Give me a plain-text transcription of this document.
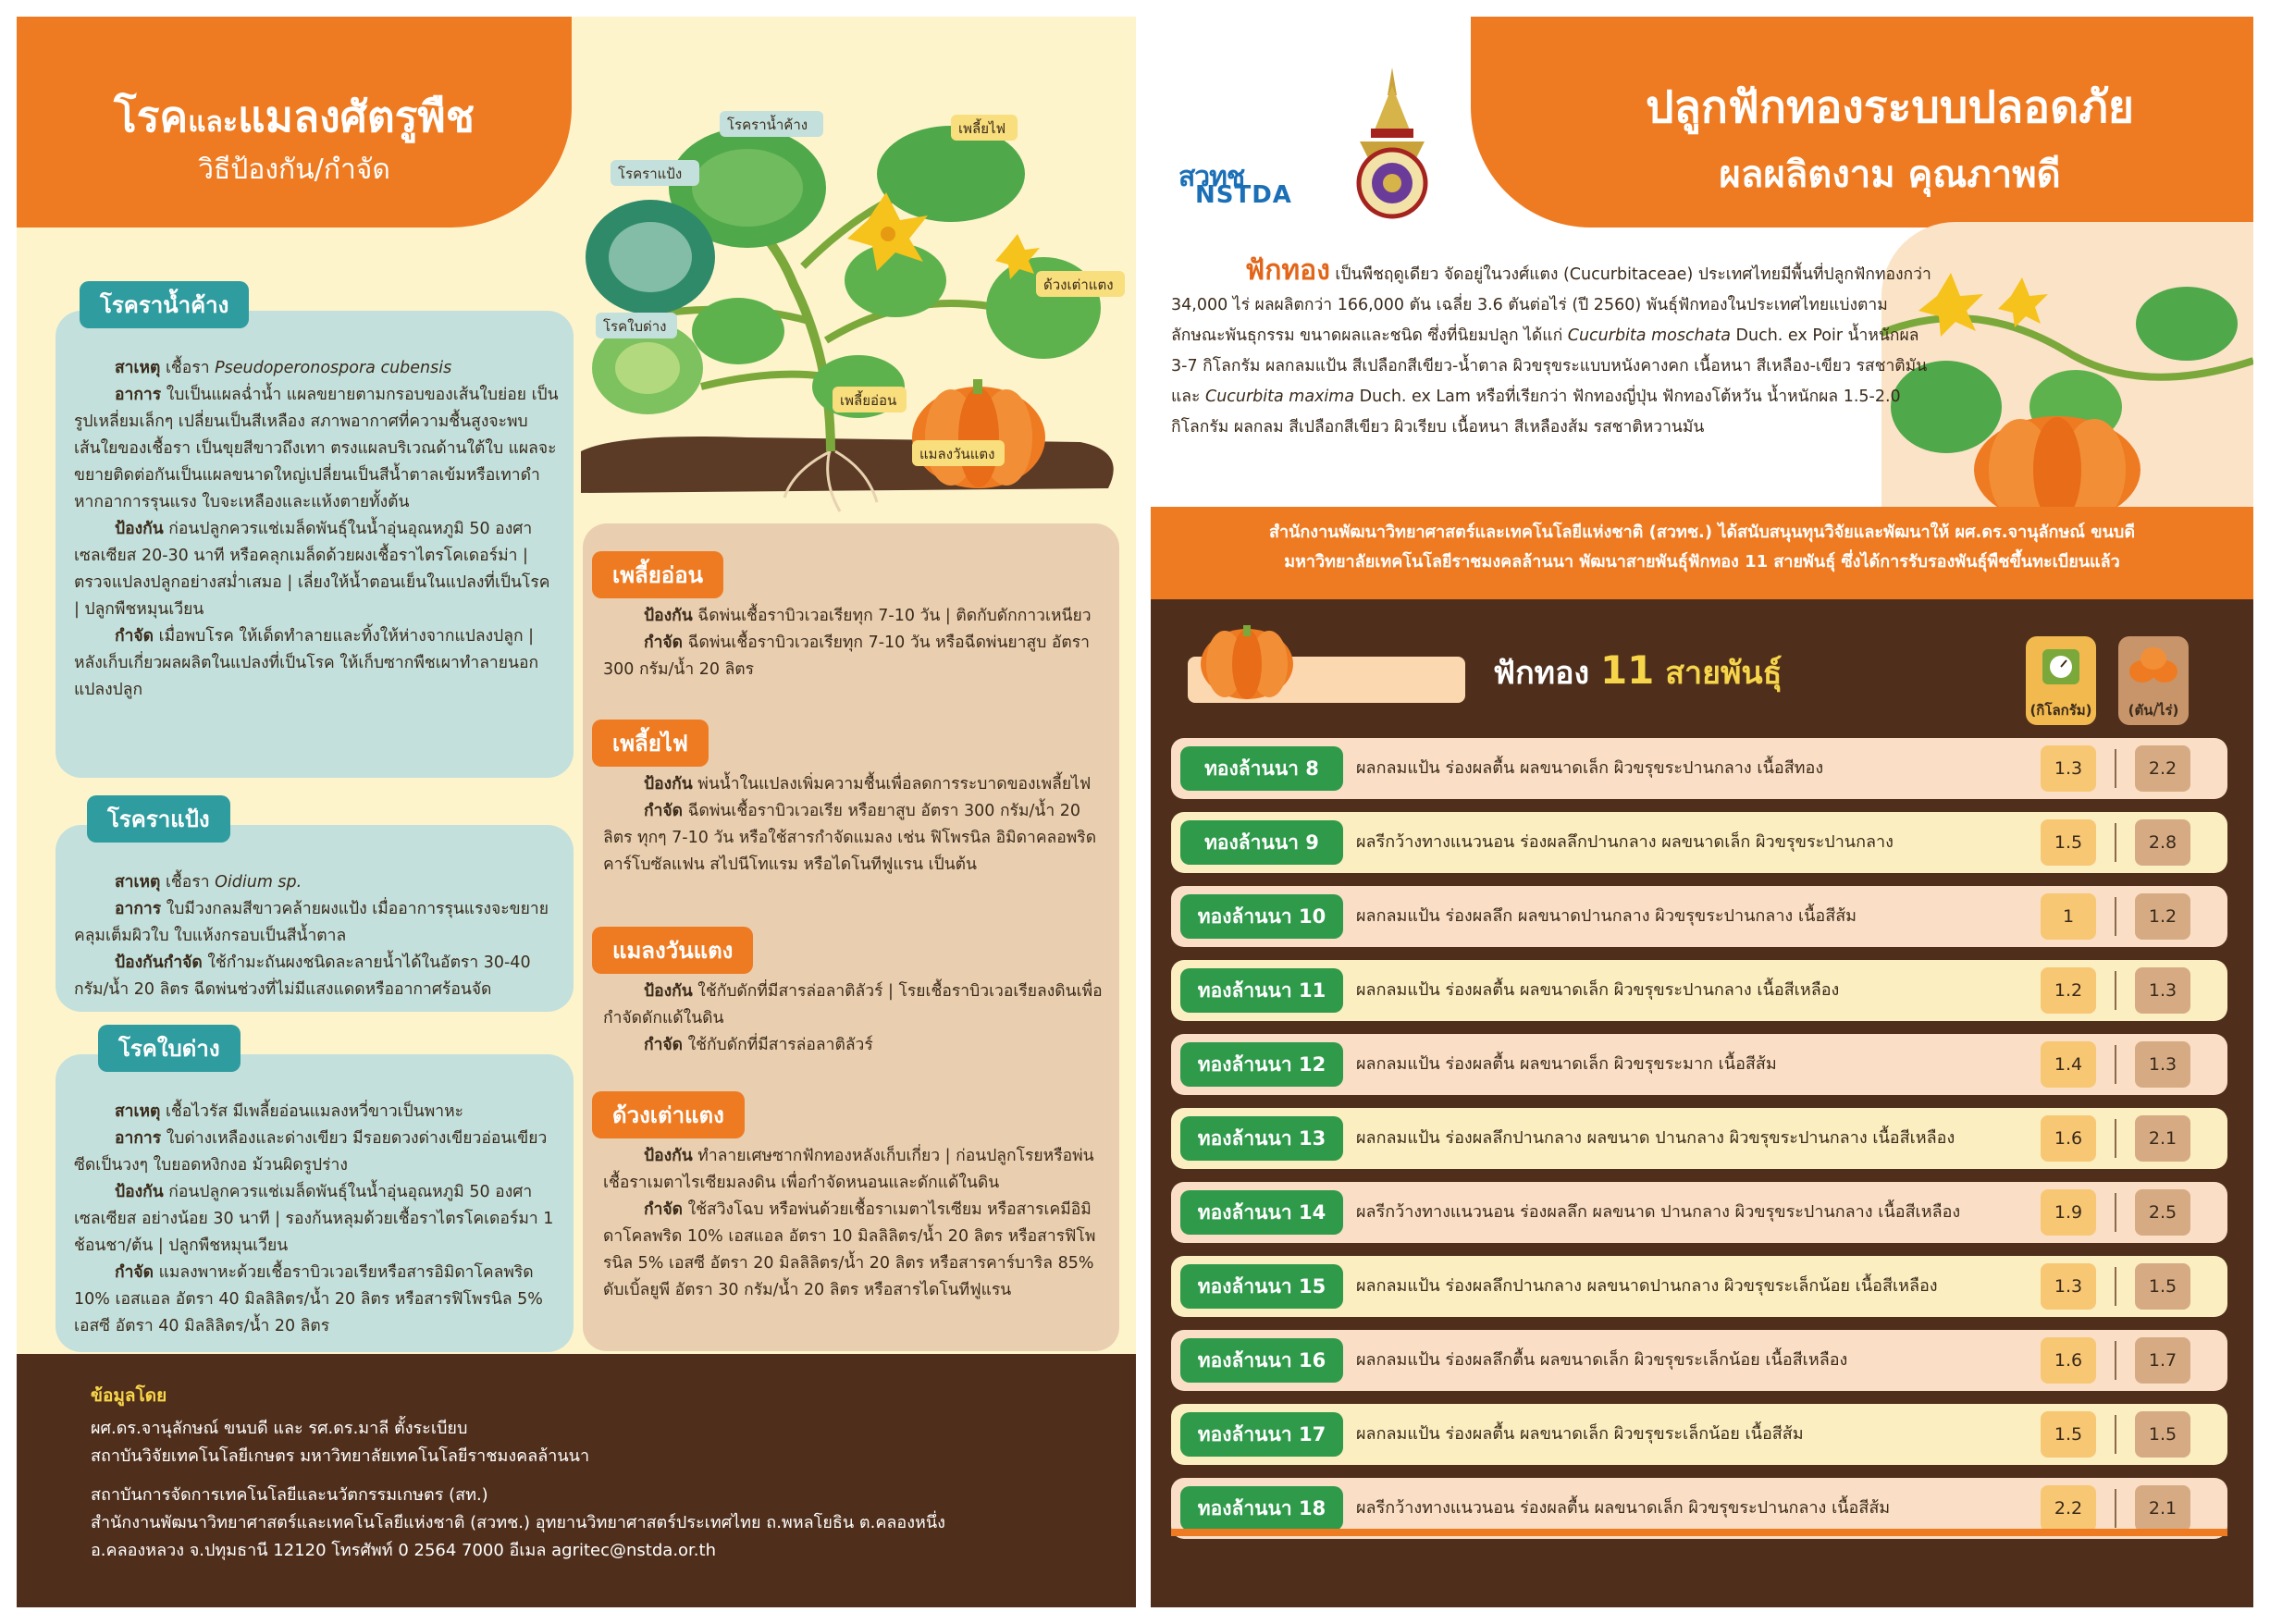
โรคและแมลงศัตรูพืช
วิธีป้องกัน/กำจัด
โรคราน้ำค้าง	เพลี้ยไฟ
โรคราแป้ง
ด้วงเต่าแตง
โรคใบด่าง
เพลี้ยอ่อน
แมลงวันแตง

สาเหตุ เชื้อรา Pseudoperonospora cubensis

อาการ ใบเป็นแผลฉ่ำน้ำ แผลขยายตามกรอบของเส้นใบย่อย เป็นรูปเหลี่ยมเล็กๆ เปลี่ยนเป็นสีเหลือง สภาพอากาศที่ความชื้นสูงจะพบเส้นใยของเชื้อรา เป็นขุยสีขาวถึงเทา ตรงแผลบริเวณด้านใต้ใบ แผลจะขยายติดต่อกันเป็นแผลขนาดใหญ่เปลี่ยนเป็นสีน้ำตาลเข้มหรือเทาดำ หากอาการรุนแรง ใบจะเหลืองและแห้งตายทั้งต้น

ป้องกัน ก่อนปลูกควรแช่เมล็ดพันธุ์ในน้ำอุ่นอุณหภูมิ 50 องศาเซลเซียส 20-30 นาที หรือคลุกเมล็ดด้วยผงเชื้อราไตรโคเดอร์ม่า | ตรวจแปลงปลูกอย่างสม่ำเสมอ | เลี่ยงให้น้ำตอนเย็นในแปลงที่เป็นโรค | ปลูกพืชหมุนเวียน

กำจัด เมื่อพบโรค ให้เด็ดทำลายและทิ้งให้ห่างจากแปลงปลูก | หลังเก็บเกี่ยวผลผลิตในแปลงที่เป็นโรค ให้เก็บซากพืชเผาทำลายนอกแปลงปลูก

โรคราน้ำค้าง

สาเหตุ เชื้อรา Oidium sp.

อาการ ใบมีวงกลมสีขาวคล้ายผงแป้ง เมื่ออาการรุนแรงจะขยายคลุมเต็มผิวใบ ใบแห้งกรอบเป็นสีน้ำตาล

ป้องกันกำจัด ใช้กำมะถันผงชนิดละลายน้ำได้ในอัตรา 30-40 กรัม/น้ำ 20 ลิตร ฉีดพ่นช่วงที่ไม่มีแสงแดดหรืออากาศร้อนจัด

โรคราแป้ง

สาเหตุ เชื้อไวรัส มีเพลี้ยอ่อนแมลงหวี่ขาวเป็นพาหะ

อาการ ใบด่างเหลืองและด่างเขียว มีรอยดวงด่างเขียวอ่อนเขียวซีดเป็นวงๆ ใบยอดหงิกงอ ม้วนผิดรูปร่าง

ป้องกัน ก่อนปลูกควรแช่เมล็ดพันธุ์ในน้ำอุ่นอุณหภูมิ 50 องศาเซลเซียส อย่างน้อย 30 นาที | รองก้นหลุมด้วยเชื้อราไตรโคเดอร์มา 1 ช้อนชา/ต้น | ปลูกพืชหมุนเวียน

กำจัด แมลงพาหะด้วยเชื้อราบิวเวอเรียหรือสารอิมิดาโคลพริด 10% เอสแอล อัตรา 40 มิลลิลิตร/น้ำ 20 ลิตร หรือสารฟิโพรนิล 5% เอสซี อัตรา 40 มิลลิลิตร/น้ำ 20 ลิตร

โรคใบด่าง
เพลี้ยอ่อน

ป้องกัน ฉีดพ่นเชื้อราบิวเวอเรียทุก 7-10 วัน | ติดกับดักกาวเหนียว

กำจัด ฉีดพ่นเชื้อราบิวเวอเรียทุก 7-10 วัน หรือฉีดพ่นยาสูบ อัตรา 300 กรัม/น้ำ 20 ลิตร

เพลี้ยไฟ

ป้องกัน พ่นน้ำในแปลงเพิ่มความชื้นเพื่อลดการระบาดของเพลี้ยไฟ

กำจัด ฉีดพ่นเชื้อราบิวเวอเรีย หรือยาสูบ อัตรา 300 กรัม/น้ำ 20 ลิตร ทุกๆ 7-10 วัน หรือใช้สารกำจัดแมลง เช่น ฟิโพรนิล อิมิดาคลอพริด คาร์โบซัลแฟน สไปนีโทแรม หรือไดโนทีฟูแรน เป็นต้น

แมลงวันแตง

ป้องกัน ใช้กับดักที่มีสารล่อลาติลัวร์ | โรยเชื้อราบิวเวอเรียลงดินเพื่อกำจัดดักแด้ในดิน

กำจัด ใช้กับดักที่มีสารล่อลาติลัวร์

ด้วงเต่าแตง

ป้องกัน ทำลายเศษซากฟักทองหลังเก็บเกี่ยว | ก่อนปลูกโรยหรือพ่นเชื้อราเมตาไรเซียมลงดิน เพื่อกำจัดหนอนและดักแด้ในดิน

กำจัด ใช้สวิงโฉบ หรือพ่นด้วยเชื้อราเมตาไรเซียม หรือสารเคมีอิมิดาโคลพริด 10% เอสแอล อัตรา 10 มิลลิลิตร/น้ำ 20 ลิตร หรือสารฟิโพรนิล 5% เอสซี อัตรา 20 มิลลิลิตร/น้ำ 20 ลิตร หรือสารคาร์บาริล 85% ดับเบิ้ลยูพี อัตรา 30 กรัม/น้ำ 20 ลิตร หรือสารไดโนทีฟูแรน

ข้อมูลโดย
ผศ.ดร.จานุลักษณ์ ขนบดี และ รศ.ดร.มาลี ตั้งระเบียบ
สถาบันวิจัยเทคโนโลยีเกษตร มหาวิทยาลัยเทคโนโลยีราชมงคลล้านนา
สถาบันการจัดการเทคโนโลยีและนวัตกรรมเกษตร (สท.)
สำนักงานพัฒนาวิทยาศาสตร์และเทคโนโลยีแห่งชาติ (สวทช.) อุทยานวิทยาศาสตร์ประเทศไทย ถ.พหลโยธิน ต.คลองหนึ่ง
อ.คลองหลวง จ.ปทุมธานี 12120 โทรศัพท์ 0 2564 7000 อีเมล agritec@nstda.or.th
สวทช
NSTDA
ปลูกฟักทองระบบปลอดภัย
ผลผลิตงาม คุณภาพดี

ฟักทอง เป็นพืชฤดูเดียว จัดอยู่ในวงศ์แตง (Cucurbitaceae) ประเทศไทยมีพื้นที่ปลูกฟักทองกว่า 34,000 ไร่ ผลผลิตกว่า 166,000 ตัน เฉลี่ย 3.6 ตันต่อไร่ (ปี 2560) พันธุ์ฟักทองในประเทศไทยแบ่งตามลักษณะพันธุกรรม ขนาดผลและชนิด ซึ่งที่นิยมปลูก ได้แก่ Cucurbita moschata Duch. ex Poir น้ำหนักผล 3-7 กิโลกรัม ผลกลมแป้น สีเปลือกสีเขียว-น้ำตาล ผิวขรุขระแบบหนังคางคก เนื้อหนา สีเหลือง-เขียว รสชาติมัน และ Cucurbita maxima Duch. ex Lam หรือที่เรียกว่า ฟักทองญี่ปุ่น ฟักทองโต้หวัน น้ำหนักผล 1.5-2.0 กิโลกรัม ผลกลม สีเปลือกสีเขียว ผิวเรียบ เนื้อหนา สีเหลืองส้ม รสชาติหวานมัน

สำนักงานพัฒนาวิทยาศาสตร์และเทคโนโลยีแห่งชาติ (สวทช.) ได้สนับสนุนทุนวิจัยและพัฒนาให้ ผศ.ดร.จานุลักษณ์ ขนบดี
มหาวิทยาลัยเทคโนโลยีราชมงคลล้านนา พัฒนาสายพันธุ์ฟักทอง 11 สายพันธุ์ ซึ่งได้การรับรองพันธุ์พืชขึ้นทะเบียนแล้ว
ฟักทอง 11 สายพันธุ์
(กิโลกรัม)	(ตัน/ไร่)
ทองล้านนา 8	ผลกลมแป้น ร่องผลตื้น ผลขนาดเล็ก ผิวขรุขระปานกลาง เนื้อสีทอง	1.3	2.2
ทองล้านนา 9	ผลรีกว้างทางแนวนอน ร่องผลลึกปานกลาง ผลขนาดเล็ก ผิวขรุขระปานกลาง	1.5	2.8
ทองล้านนา 10	ผลกลมแป้น ร่องผลลึก ผลขนาดปานกลาง ผิวขรุขระปานกลาง เนื้อสีส้ม	1	1.2
ทองล้านนา 11	ผลกลมแป้น ร่องผลตื้น ผลขนาดเล็ก ผิวขรุขระปานกลาง เนื้อสีเหลือง	1.2	1.3
ทองล้านนา 12	ผลกลมแป้น ร่องผลตื้น ผลขนาดเล็ก ผิวขรุขระมาก เนื้อสีส้ม	1.4	1.3
ทองล้านนา 13	ผลกลมแป้น ร่องผลลึกปานกลาง ผลขนาด ปานกลาง ผิวขรุขระปานกลาง เนื้อสีเหลือง	1.6	2.1
ทองล้านนา 14	ผลรีกว้างทางแนวนอน ร่องผลลึก ผลขนาด ปานกลาง ผิวขรุขระปานกลาง เนื้อสีเหลือง	1.9	2.5
ทองล้านนา 15	ผลกลมแป้น ร่องผลลึกปานกลาง ผลขนาดปานกลาง ผิวขรุขระเล็กน้อย เนื้อสีเหลือง	1.3	1.5
ทองล้านนา 16	ผลกลมแป้น ร่องผลลึกตื้น ผลขนาดเล็ก ผิวขรุขระเล็กน้อย เนื้อสีเหลือง	1.6	1.7
ทองล้านนา 17	ผลกลมแป้น ร่องผลตื้น ผลขนาดเล็ก ผิวขรุขระเล็กน้อย เนื้อสีส้ม	1.5	1.5
ทองล้านนา 18	ผลรีกว้างทางแนวนอน ร่องผลตื้น ผลขนาดเล็ก ผิวขรุขระปานกลาง เนื้อสีส้ม	2.2	2.1
